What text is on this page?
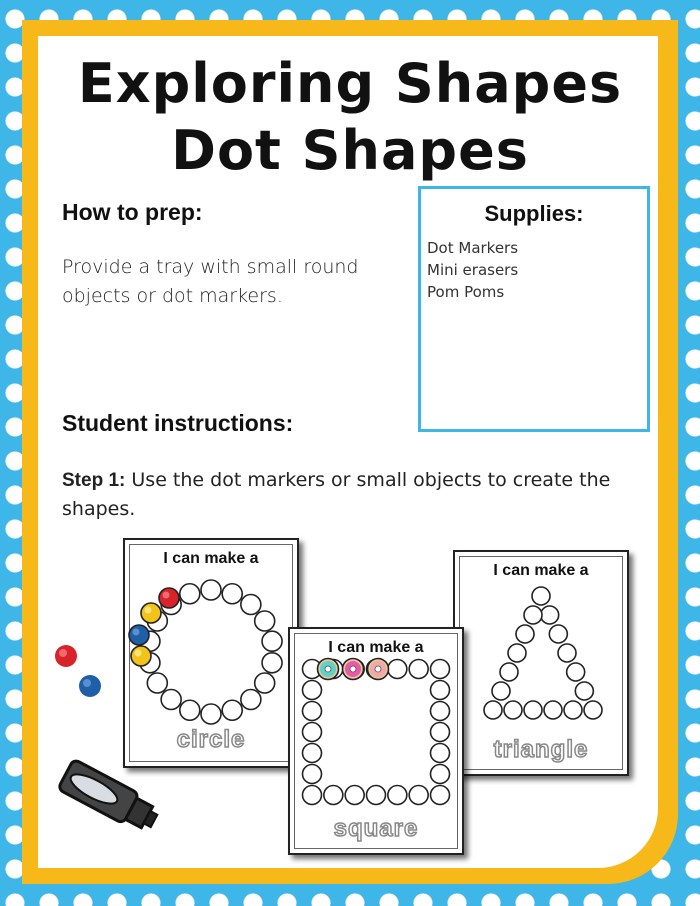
Exploring Shapes
Dot Shapes
How to prep:
Provide a tray with small round
objects or dot markers.
Supplies:
Dot Markers
Mini erasers
Pom Poms
Student instructions:
Step 1: Use the dot markers or small objects to create the shapes.
I can make a
circle
I can make a
triangle
I can make a
square
